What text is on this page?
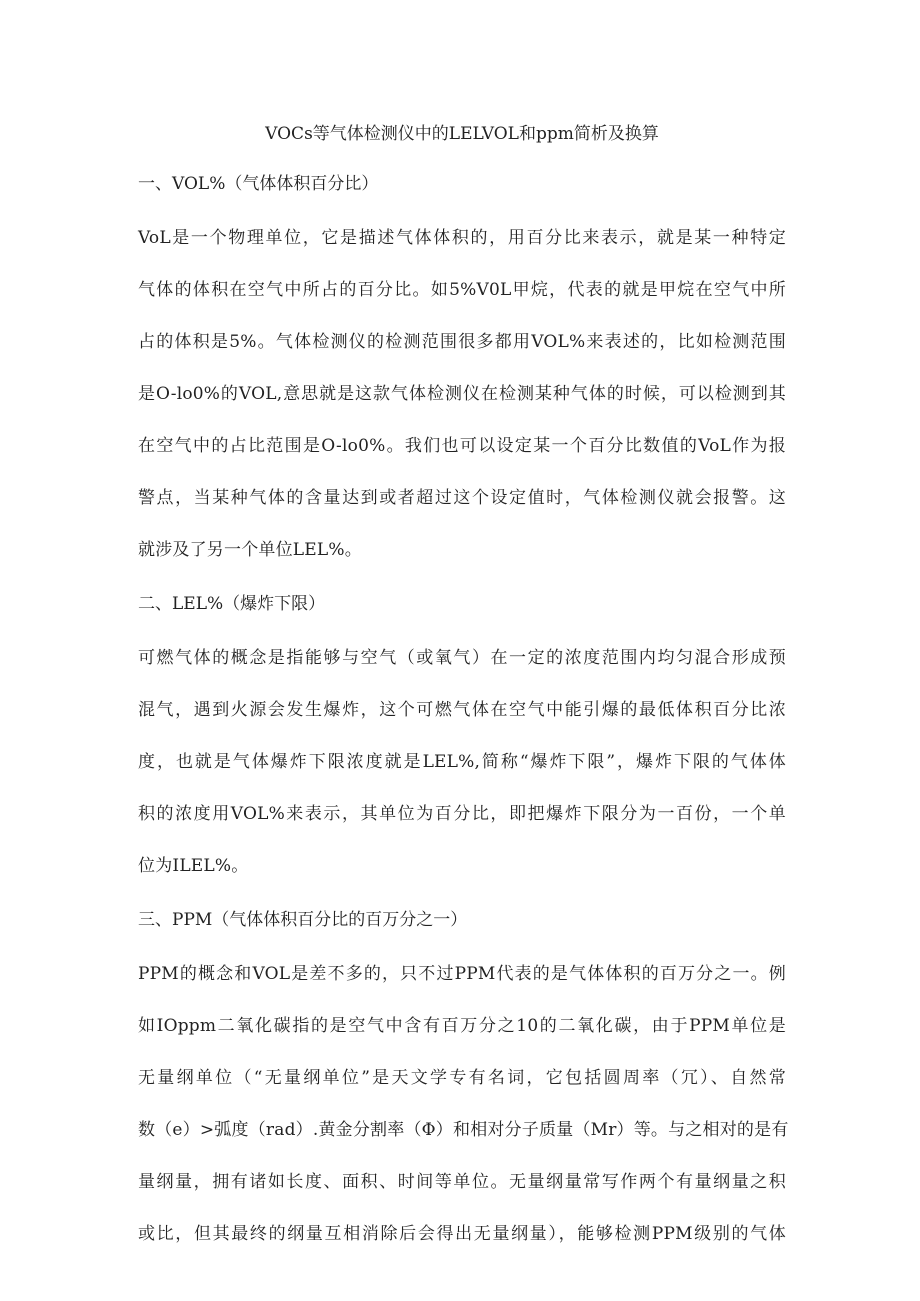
VOCs等气体检测仪中的LELVOL和ppm简析及换算
一、VOL%（气体体积百分比）
VoL是一个物理单位，它是描述气体体积的，用百分比来表示，就是某一种特定
气体的体积在空气中所占的百分比。如5%V0L甲烷，代表的就是甲烷在空气中所
占的体积是5%。气体检测仪的检测范围很多都用VOL%来表述的，比如检测范围
是O-lo0%的VOL,意思就是这款气体检测仪在检测某种气体的时候，可以检测到其
在空气中的占比范围是O-lo0%。我们也可以设定某一个百分比数值的VoL作为报
警点，当某种气体的含量达到或者超过这个设定值时，气体检测仪就会报警。这
就涉及了另一个单位LEL%。
二、LEL%（爆炸下限）
可燃气体的概念是指能够与空气（或氧气）在一定的浓度范围内均匀混合形成预
混气，遇到火源会发生爆炸，这个可燃气体在空气中能引爆的最低体积百分比浓
度，也就是气体爆炸下限浓度就是LEL%,简称“爆炸下限”，爆炸下限的气体体
积的浓度用VOL%来表示，其单位为百分比，即把爆炸下限分为一百份，一个单
位为ILEL%。
三、PPM（气体体积百分比的百万分之一）
PPM的概念和VOL是差不多的，只不过PPM代表的是气体体积的百万分之一。例
如IOppm二氧化碳指的是空气中含有百万分之10的二氧化碳，由于PPM单位是
无量纲单位（“无量纲单位”是天文学专有名词，它包括圆周率（冗）、自然常
数（e）>弧度（rad）.黄金分割率（Φ）和相对分子质量（Mr）等。与之相对的是有
量纲量，拥有诸如长度、面积、时间等单位。无量纲量常写作两个有量纲量之积
或比，但其最终的纲量互相消除后会得出无量纲量），能够检测PPM级别的气体
